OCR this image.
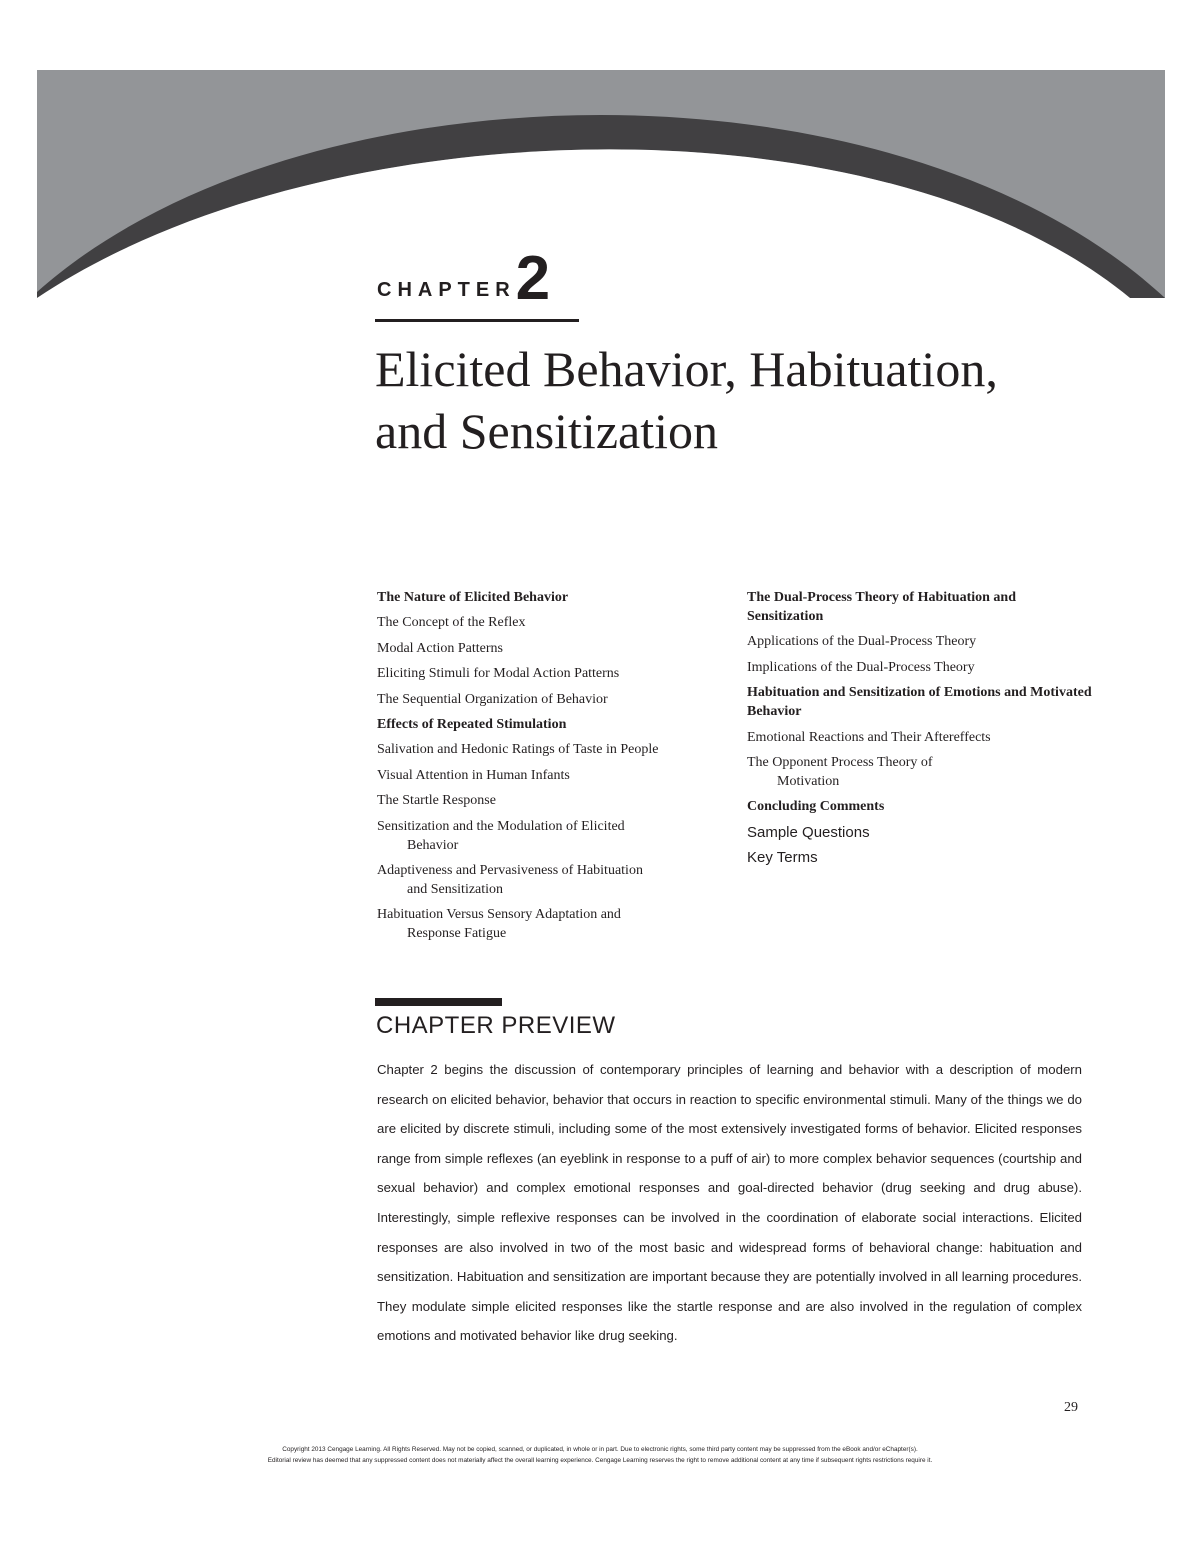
CHAPTER 2
Elicited Behavior, Habituation,
and Sensitization
The Nature of Elicited Behavior
The Concept of the Reflex
Modal Action Patterns
Eliciting Stimuli for Modal Action Patterns
The Sequential Organization of Behavior
Effects of Repeated Stimulation
Salivation and Hedonic Ratings of Taste in People
Visual Attention in Human Infants
The Startle Response
Sensitization and the Modulation of Elicited
Behavior
Adaptiveness and Pervasiveness of Habituation
and Sensitization
Habituation Versus Sensory Adaptation and
Response Fatigue
The Dual-Process Theory of Habituation and Sensitization
Applications of the Dual-Process Theory
Implications of the Dual-Process Theory
Habituation and Sensitization of Emotions and Motivated Behavior
Emotional Reactions and Their Aftereffects
The Opponent Process Theory of
Motivation
Concluding Comments
Sample Questions
Key Terms
CHAPTER PREVIEW

Chapter 2 begins the discussion of contemporary principles of learning and behavior with a description of modern research on elicited behavior, behavior that occurs in reaction to specific environmental stimuli. Many of the things we do are elicited by discrete stimuli, including some of the most extensively investigated forms of behavior. Elicited responses range from simple reflexes (an eyeblink in response to a puff of air) to more complex behavior sequences (courtship and sexual behavior) and complex emotional responses and goal-directed behavior (drug seeking and drug abuse). Interestingly, simple reflexive responses can be involved in the coordination of elaborate social interactions. Elicited responses are also involved in two of the most basic and widespread forms of behavioral change: habituation and sensitization. Habituation and sensitization are important because they are potentially involved in all learning procedures. They modulate simple elicited responses like the startle response and are also involved in the regulation of complex emotions and motivated behavior like drug seeking.

29
Copyright 2013 Cengage Learning. All Rights Reserved. May not be copied, scanned, or duplicated, in whole or in part. Due to electronic rights, some third party content may be suppressed from the eBook and/or eChapter(s).
Editorial review has deemed that any suppressed content does not materially affect the overall learning experience. Cengage Learning reserves the right to remove additional content at any time if subsequent rights restrictions require it.
